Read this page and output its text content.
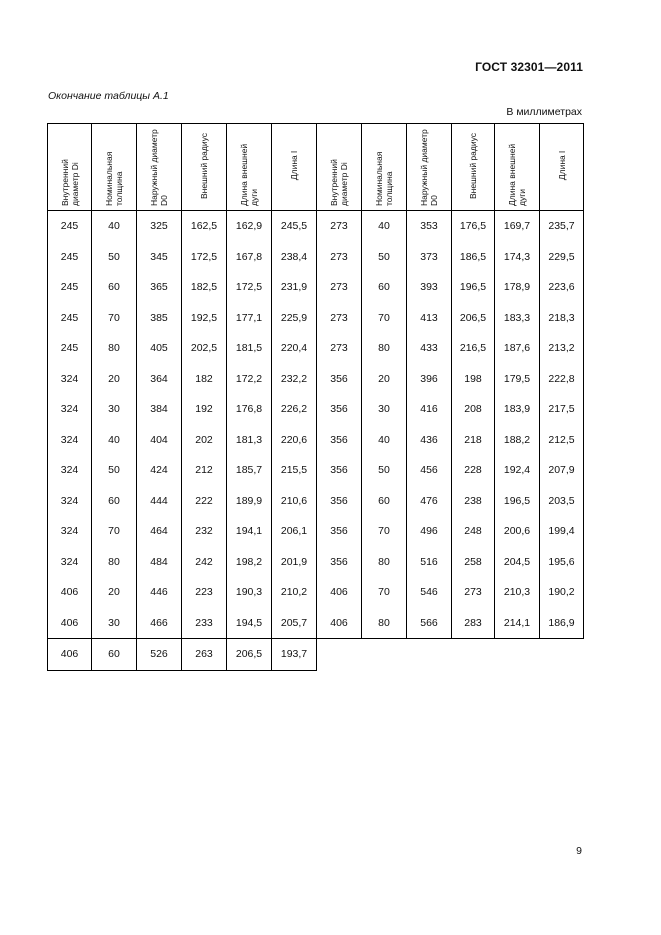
ГОСТ 32301—2011
Окончание таблицы А.1
В миллиметрах
Внутренний диаметр Di	Номинальная толщина	Наружный диаметр D0	Внешний радиус	Длина внешней дуги	Длина l	Внутренний диаметр Di	Номинальная толщина	Наружный диаметр D0	Внешний радиус	Длина внешней дуги	Длина l
245	40	325	162,5	162,9	245,5	273	40	353	176,5	169,7	235,7
245	50	345	172,5	167,8	238,4	273	50	373	186,5	174,3	229,5
245	60	365	182,5	172,5	231,9	273	60	393	196,5	178,9	223,6
245	70	385	192,5	177,1	225,9	273	70	413	206,5	183,3	218,3
245	80	405	202,5	181,5	220,4	273	80	433	216,5	187,6	213,2
324	20	364	182	172,2	232,2	356	20	396	198	179,5	222,8
324	30	384	192	176,8	226,2	356	30	416	208	183,9	217,5
324	40	404	202	181,3	220,6	356	40	436	218	188,2	212,5
324	50	424	212	185,7	215,5	356	50	456	228	192,4	207,9
324	60	444	222	189,9	210,6	356	60	476	238	196,5	203,5
324	70	464	232	194,1	206,1	356	70	496	248	200,6	199,4
324	80	484	242	198,2	201,9	356	80	516	258	204,5	195,6
406	20	446	223	190,3	210,2	406	70	546	273	210,3	190,2
406	30	466	233	194,5	205,7	406	80	566	283	214,1	186,9
406	60	526	263	206,5	193,7						
9
